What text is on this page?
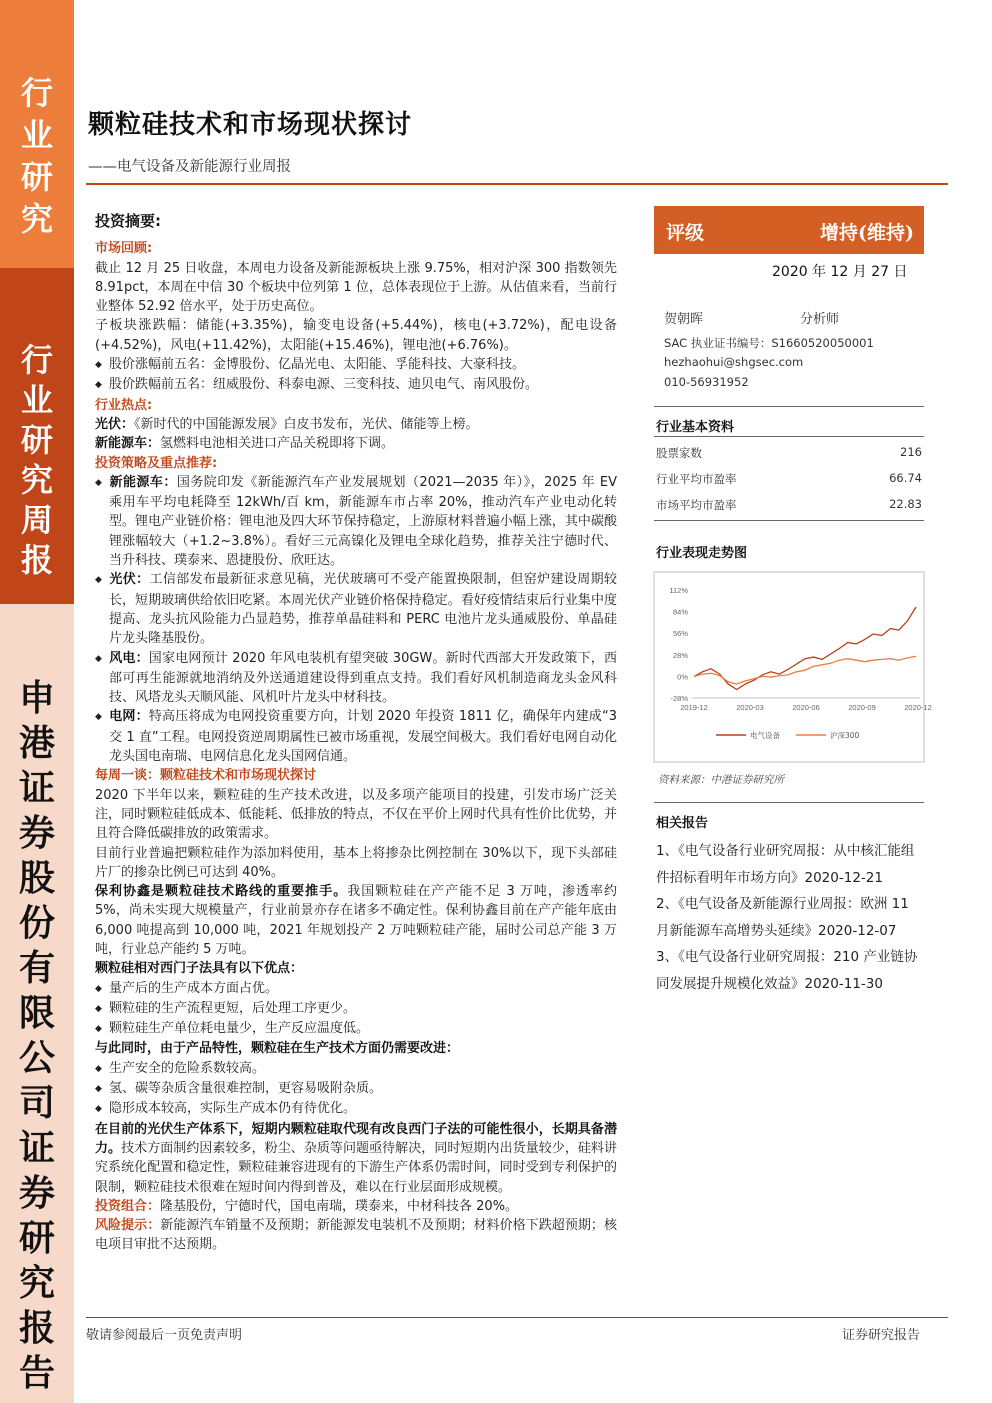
行
业
研
究
行
业
研
究
周
报
申
港
证
券
股
份
有
限
公
司
证
券
研
究
报
告
颗粒硅技术和市场现状探讨
——电气设备及新能源行业周报

投资摘要:

市场回顾:

截止 12 月 25 日收盘，本周电力设备及新能源板块上涨 9.75%，相对沪深 300 指数领先 8.91pct，本周在中信 30 个板块中位列第 1 位，总体表现位于上游。从估值来看，当前行业整体 52.92 倍水平，处于历史高位。

子板块涨跌幅：储能(+3.35%)，输变电设备(+5.44%)，核电(+3.72%)，配电设备(+4.52%)，风电(+11.42%)，太阳能(+15.46%)，锂电池(+6.76%)。

◆ 股价涨幅前五名：金博股份、亿晶光电、太阳能、孚能科技、大豪科技。

◆ 股价跌幅前五名：纽威股份、科泰电源、三变科技、迪贝电气、南风股份。

行业热点:

光伏：《新时代的中国能源发展》白皮书发布，光伏、储能等上榜。

新能源车：氢燃料电池相关进口产品关税即将下调。

投资策略及重点推荐:

◆ 新能源车：国务院印发《新能源汽车产业发展规划（2021—2035 年）》，2025 年 EV 乘用车平均电耗降至 12kWh/百 km，新能源车市占率 20%，推动汽车产业电动化转型。锂电产业链价格：锂电池及四大环节保持稳定，上游原材料普遍小幅上涨，其中碳酸锂涨幅较大（+1.2~3.8%）。看好三元高镍化及锂电全球化趋势，推荐关注宁德时代、当升科技、璞泰来、恩捷股份、欣旺达。

◆ 光伏：工信部发布最新征求意见稿，光伏玻璃可不受产能置换限制，但窑炉建设周期较长，短期玻璃供给依旧吃紧。本周光伏产业链价格保持稳定。看好疫情结束后行业集中度提高、龙头抗风险能力凸显趋势，推荐单晶硅料和 PERC 电池片龙头通威股份、单晶硅片龙头隆基股份。

◆ 风电：国家电网预计 2020 年风电装机有望突破 30GW。新时代西部大开发政策下，西部可再生能源就地消纳及外送通道建设得到重点支持。我们看好风机制造商龙头金风科技、风塔龙头天顺风能、风机叶片龙头中材科技。

◆ 电网：特高压将成为电网投资重要方向，计划 2020 年投资 1811 亿，确保年内建成“3 交 1 直”工程。电网投资逆周期属性已被市场重视，发展空间极大。我们看好电网自动化龙头国电南瑞、电网信息化龙头国网信通。

每周一谈：颗粒硅技术和市场现状探讨

2020 下半年以来，颗粒硅的生产技术改进，以及多项产能项目的投建，引发市场广泛关注，同时颗粒硅低成本、低能耗、低排放的特点，不仅在平价上网时代具有性价比优势，并且符合降低碳排放的政策需求。

目前行业普遍把颗粒硅作为添加料使用，基本上将掺杂比例控制在 30%以下，现下头部硅片厂的掺杂比例已可达到 40%。

保利协鑫是颗粒硅技术路线的重要推手。我国颗粒硅在产产能不足 3 万吨，渗透率约 5%，尚未实现大规模量产，行业前景亦存在诸多不确定性。保利协鑫目前在产产能年底由 6,000 吨提高到 10,000 吨，2021 年规划投产 2 万吨颗粒硅产能，届时公司总产能 3 万吨，行业总产能约 5 万吨。

颗粒硅相对西门子法具有以下优点：

◆ 量产后的生产成本方面占优。

◆ 颗粒硅的生产流程更短，后处理工序更少。

◆ 颗粒硅生产单位耗电量少，生产反应温度低。

与此同时，由于产品特性，颗粒硅在生产技术方面仍需要改进：

◆ 生产安全的危险系数较高。

◆ 氢、碳等杂质含量很难控制，更容易吸附杂质。

◆ 隐形成本较高，实际生产成本仍有待优化。

在目前的光伏生产体系下，短期内颗粒硅取代现有改良西门子法的可能性很小，长期具备潜力。技术方面制约因素较多，粉尘、杂质等问题亟待解决，同时短期内出货量较少，硅料讲究系统化配置和稳定性，颗粒硅兼容进现有的下游生产体系仍需时间，同时受到专利保护的限制，颗粒硅技术很难在短时间内得到普及，难以在行业层面形成规模。

投资组合：隆基股份，宁德时代，国电南瑞，璞泰来，中材科技各 20%。

风险提示：新能源汽车销量不及预期；新能源发电装机不及预期；材料价格下跌超预期；核电项目审批不达预期。

评级	增持(维持)
2020 年 12 月 27 日
贺朝晖	分析师
SAC 执业证书编号：S1660520050001
hezhaohui@shgsec.com
010-56931952
行业基本资料
股票家数	216
行业平均市盈率	66.74
市场平均市盈率	22.83
行业表现走势图
112%
84%
56%
28%
0%
-28%
2019-12	2020-03	2020-06	2020-09	2020-12
电气设备	沪深300
资料来源：中港证券研究所
相关报告

1、《电气设备行业研究周报：从中核汇能组件招标看明年市场方向》2020-12-21

2、《电气设备及新能源行业周报：欧洲 11 月新能源车高增势头延续》2020-12-07

3、《电气设备行业研究周报：210 产业链协同发展提升规模化效益》2020-11-30

敬请参阅最后一页免责声明	证券研究报告
